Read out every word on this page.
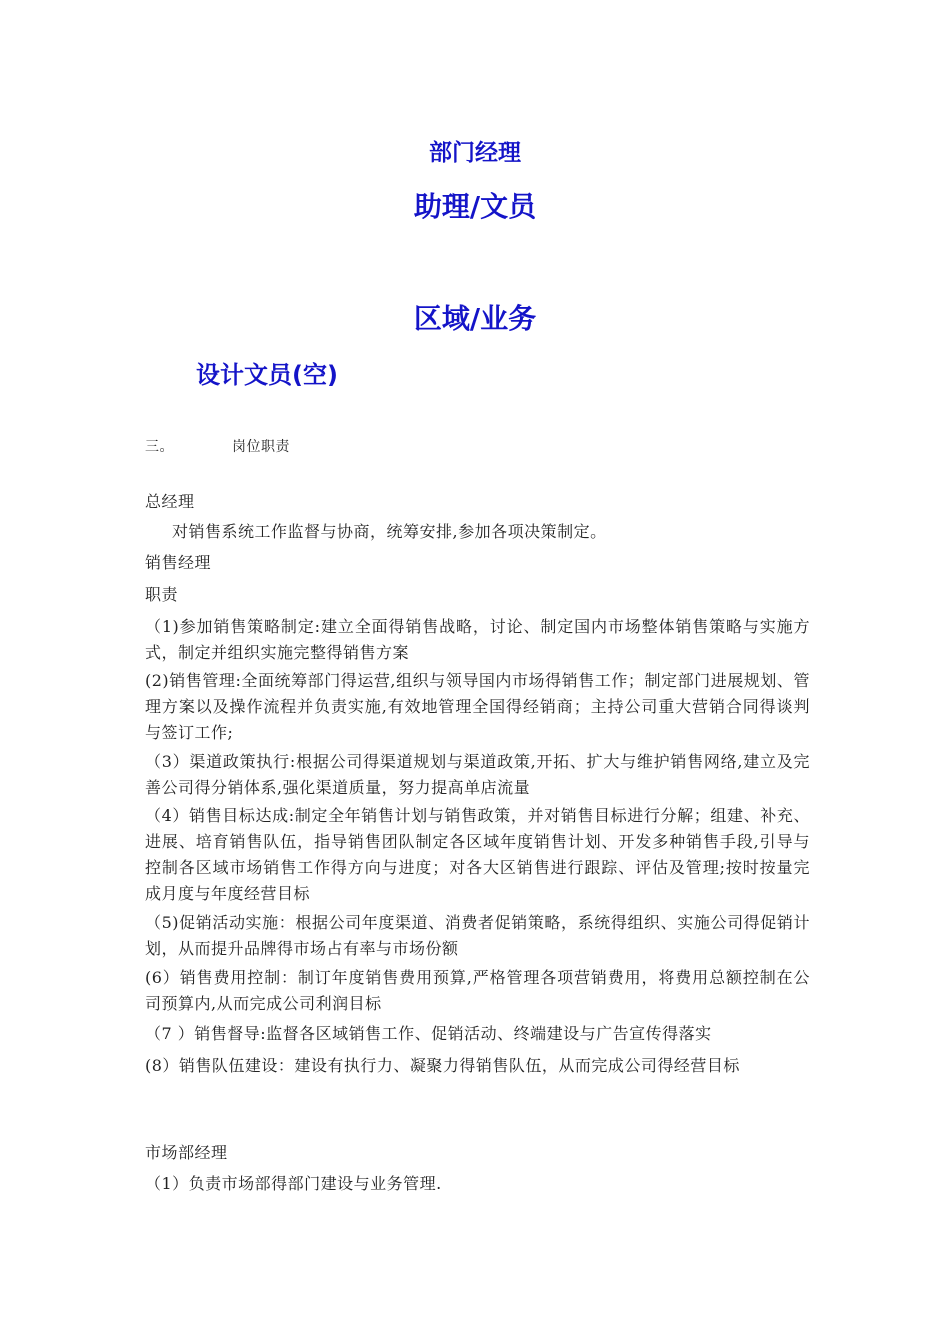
部门经理
助理/文员
区域/业务
设计文员(空)
三。	岗位职责
总经理
对销售系统工作监督与协商，统筹安排,参加各项决策制定。
销售经理
职责
（1)参加销售策略制定:建立全面得销售战略，讨论、制定国内市场整体销售策略与实施方式，制定并组织实施完整得销售方案
(2)销售管理:全面统筹部门得运营,组织与领导国内市场得销售工作；制定部门进展规划、管理方案以及操作流程并负责实施,有效地管理全国得经销商；主持公司重大营销合同得谈判与签订工作;
（3）渠道政策执行:根据公司得渠道规划与渠道政策,开拓、扩大与维护销售网络,建立及完善公司得分销体系,强化渠道质量，努力提高单店流量
（4）销售目标达成:制定全年销售计划与销售政策，并对销售目标进行分解；组建、补充、进展、培育销售队伍，指导销售团队制定各区域年度销售计划、开发多种销售手段,引导与控制各区域市场销售工作得方向与进度；对各大区销售进行跟踪、评估及管理;按时按量完成月度与年度经营目标
（5)促销活动实施：根据公司年度渠道、消费者促销策略，系统得组织、实施公司得促销计划，从而提升品牌得市场占有率与市场份额
(6）销售费用控制：制订年度销售费用预算,严格管理各项营销费用，将费用总额控制在公司预算内,从而完成公司利润目标
（7 ）销售督导:监督各区域销售工作、促销活动、终端建设与广告宣传得落实
(8）销售队伍建设：建设有执行力、凝聚力得销售队伍，从而完成公司得经营目标
市场部经理
（1）负责市场部得部门建设与业务管理.
